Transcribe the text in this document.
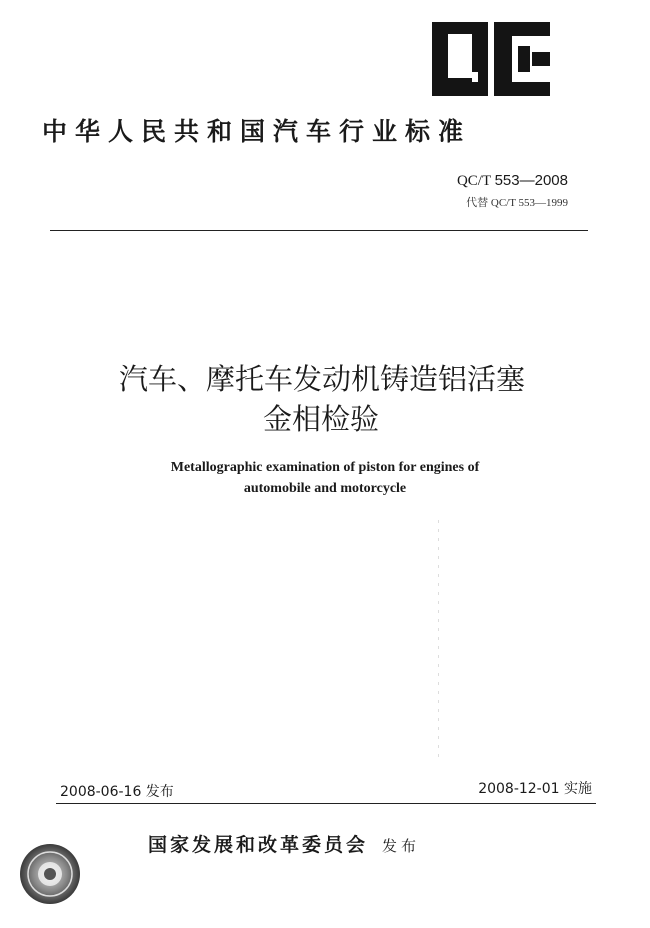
中华人民共和国汽车行业标准
QC/T 553—2008
代替 QC/T 553—1999
汽车、摩托车发动机铸造铝活塞
金相检验
Metallographic examination of piston for engines of
automobile and motorcycle
2008-06-16 发布	2008-12-01 实施
国家发展和改革委员会 发布
